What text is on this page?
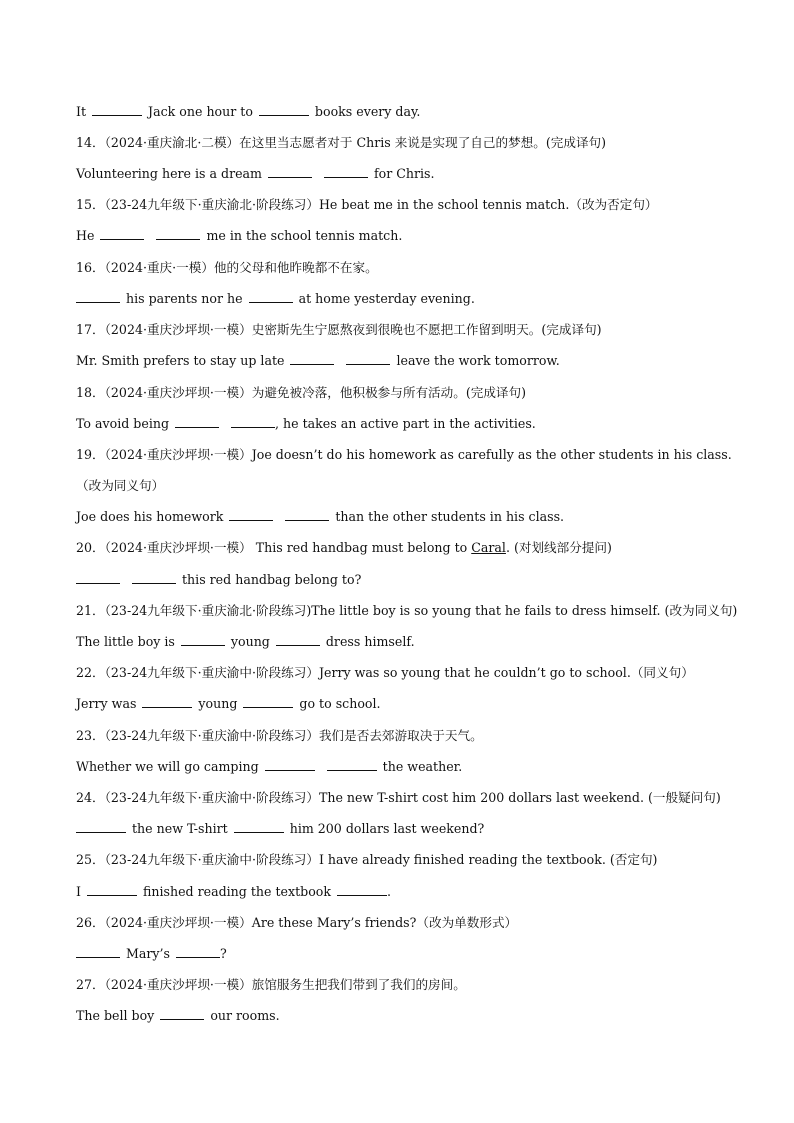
It	Jack one hour to	books every day.
14．（2024·重庆渝北·二模）在这里当志愿者对于 Chris 来说是实现了自己的梦想。(完成译句)
Volunteering here is a dream	for Chris.
15．（23-24九年级下·重庆渝北·阶段练习）He beat me in the school tennis match.（改为否定句）
He	me in the school tennis match.
16．（2024·重庆·一模）他的父母和他昨晚都不在家。
his parents nor he	at home yesterday evening.
17．（2024·重庆沙坪坝·一模）史密斯先生宁愿熬夜到很晚也不愿把工作留到明天。(完成译句)
Mr. Smith prefers to stay up late	leave the work tomorrow.
18．（2024·重庆沙坪坝·一模）为避免被冷落，他积极参与所有活动。(完成译句)
To avoid being	, he takes an active part in the activities.
19．（2024·重庆沙坪坝·一模）Joe doesn’t do his homework as carefully as the other students in his class.（改为同义句）
Joe does his homework	than the other students in his class.
20．（2024·重庆沙坪坝·一模） This red handbag must belong to Caral. (对划线部分提问)
this red handbag belong to?
21．（23-24九年级下·重庆渝北·阶段练习)The little boy is so young that he fails to dress himself. (改为同义句)
The little boy is	young	dress himself.
22．（23-24九年级下·重庆渝中·阶段练习）Jerry was so young that he couldn’t go to school.（同义句）
Jerry was	young	go to school.
23．（23-24九年级下·重庆渝中·阶段练习）我们是否去郊游取决于天气。
Whether we will go camping	the weather.
24．（23-24九年级下·重庆渝中·阶段练习）The new T-shirt cost him 200 dollars last weekend. (一般疑问句)
the new T-shirt	him 200 dollars last weekend?
25．（23-24九年级下·重庆渝中·阶段练习）I have already finished reading the textbook. (否定句)
I	finished reading the textbook	.
26．（2024·重庆沙坪坝·一模）Are these Mary’s friends?（改为单数形式）
Mary’s	?
27．（2024·重庆沙坪坝·一模）旅馆服务生把我们带到了我们的房间。
The bell boy	our rooms.
